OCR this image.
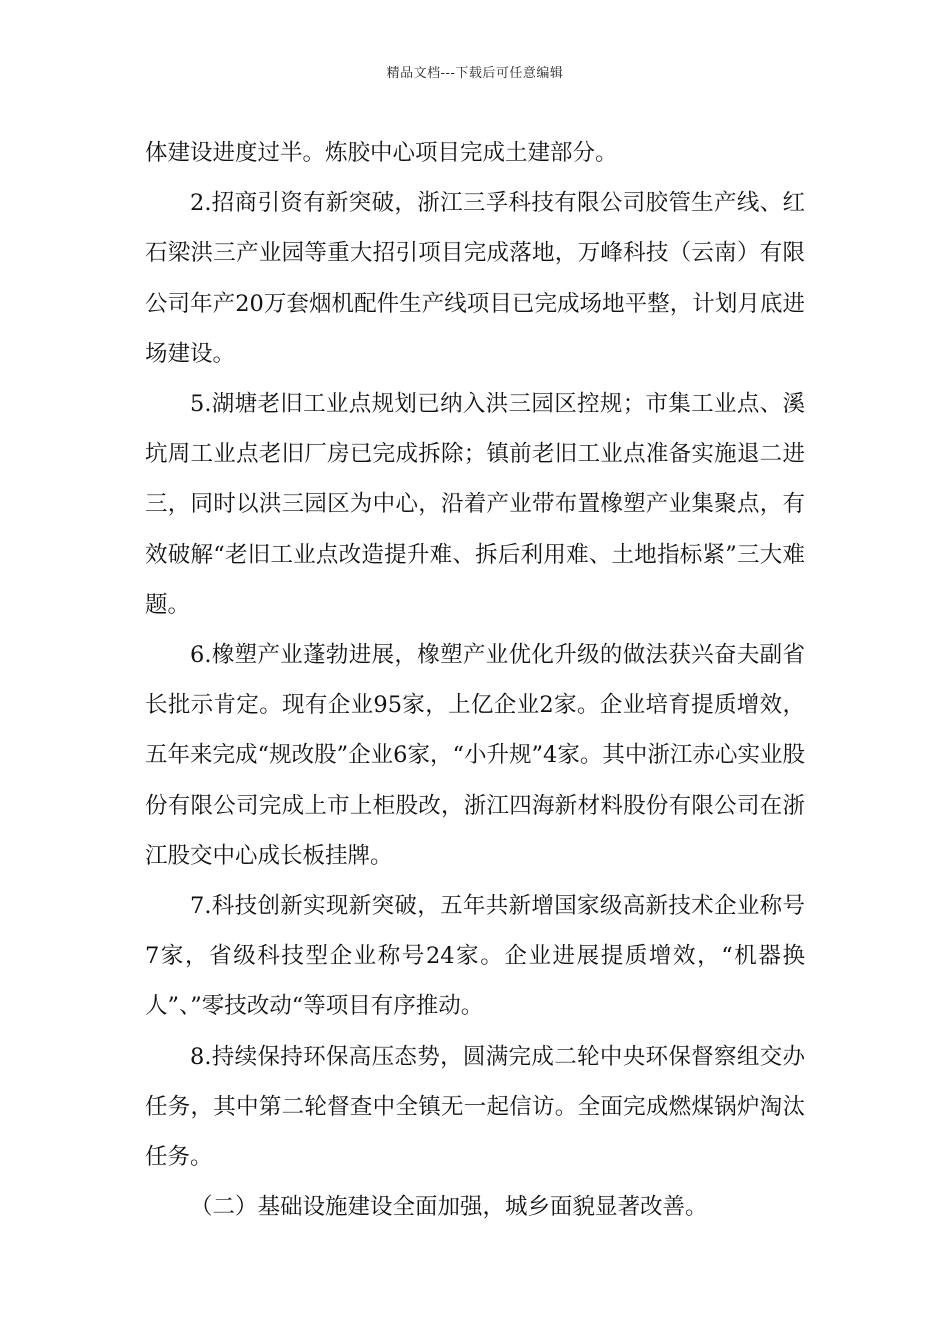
精品文档---下载后可任意编辑

体建设进度过半。炼胶中心项目完成土建部分。

2.招商引资有新突破，浙江三孚科技有限公司胶管生产线、红石梁洪三产业园等重大招引项目完成落地，万峰科技（云南）有限公司年产20万套烟机配件生产线项目已完成场地平整，计划月底进场建设。

5.湖塘老旧工业点规划已纳入洪三园区控规；市集工业点、溪坑周工业点老旧厂房已完成拆除；镇前老旧工业点准备实施退二进三，同时以洪三园区为中心，沿着产业带布置橡塑产业集聚点，有效破解“老旧工业点改造提升难、拆后利用难、土地指标紧”三大难题。

6.橡塑产业蓬勃进展，橡塑产业优化升级的做法获兴奋夫副省长批示肯定。现有企业95家，上亿企业2家。企业培育提质增效，五年来完成“规改股”企业6家，“小升规”4家。其中浙江赤心实业股份有限公司完成上市上柜股改，浙江四海新材料股份有限公司在浙江股交中心成长板挂牌。

7.科技创新实现新突破，五年共新增国家级高新技术企业称号7家，省级科技型企业称号24家。企业进展提质增效，“机器换人”、”零技改动“等项目有序推动。

8.持续保持环保高压态势，圆满完成二轮中央环保督察组交办任务，其中第二轮督查中全镇无一起信访。全面完成燃煤锅炉淘汰任务。

（二）基础设施建设全面加强，城乡面貌显著改善。
